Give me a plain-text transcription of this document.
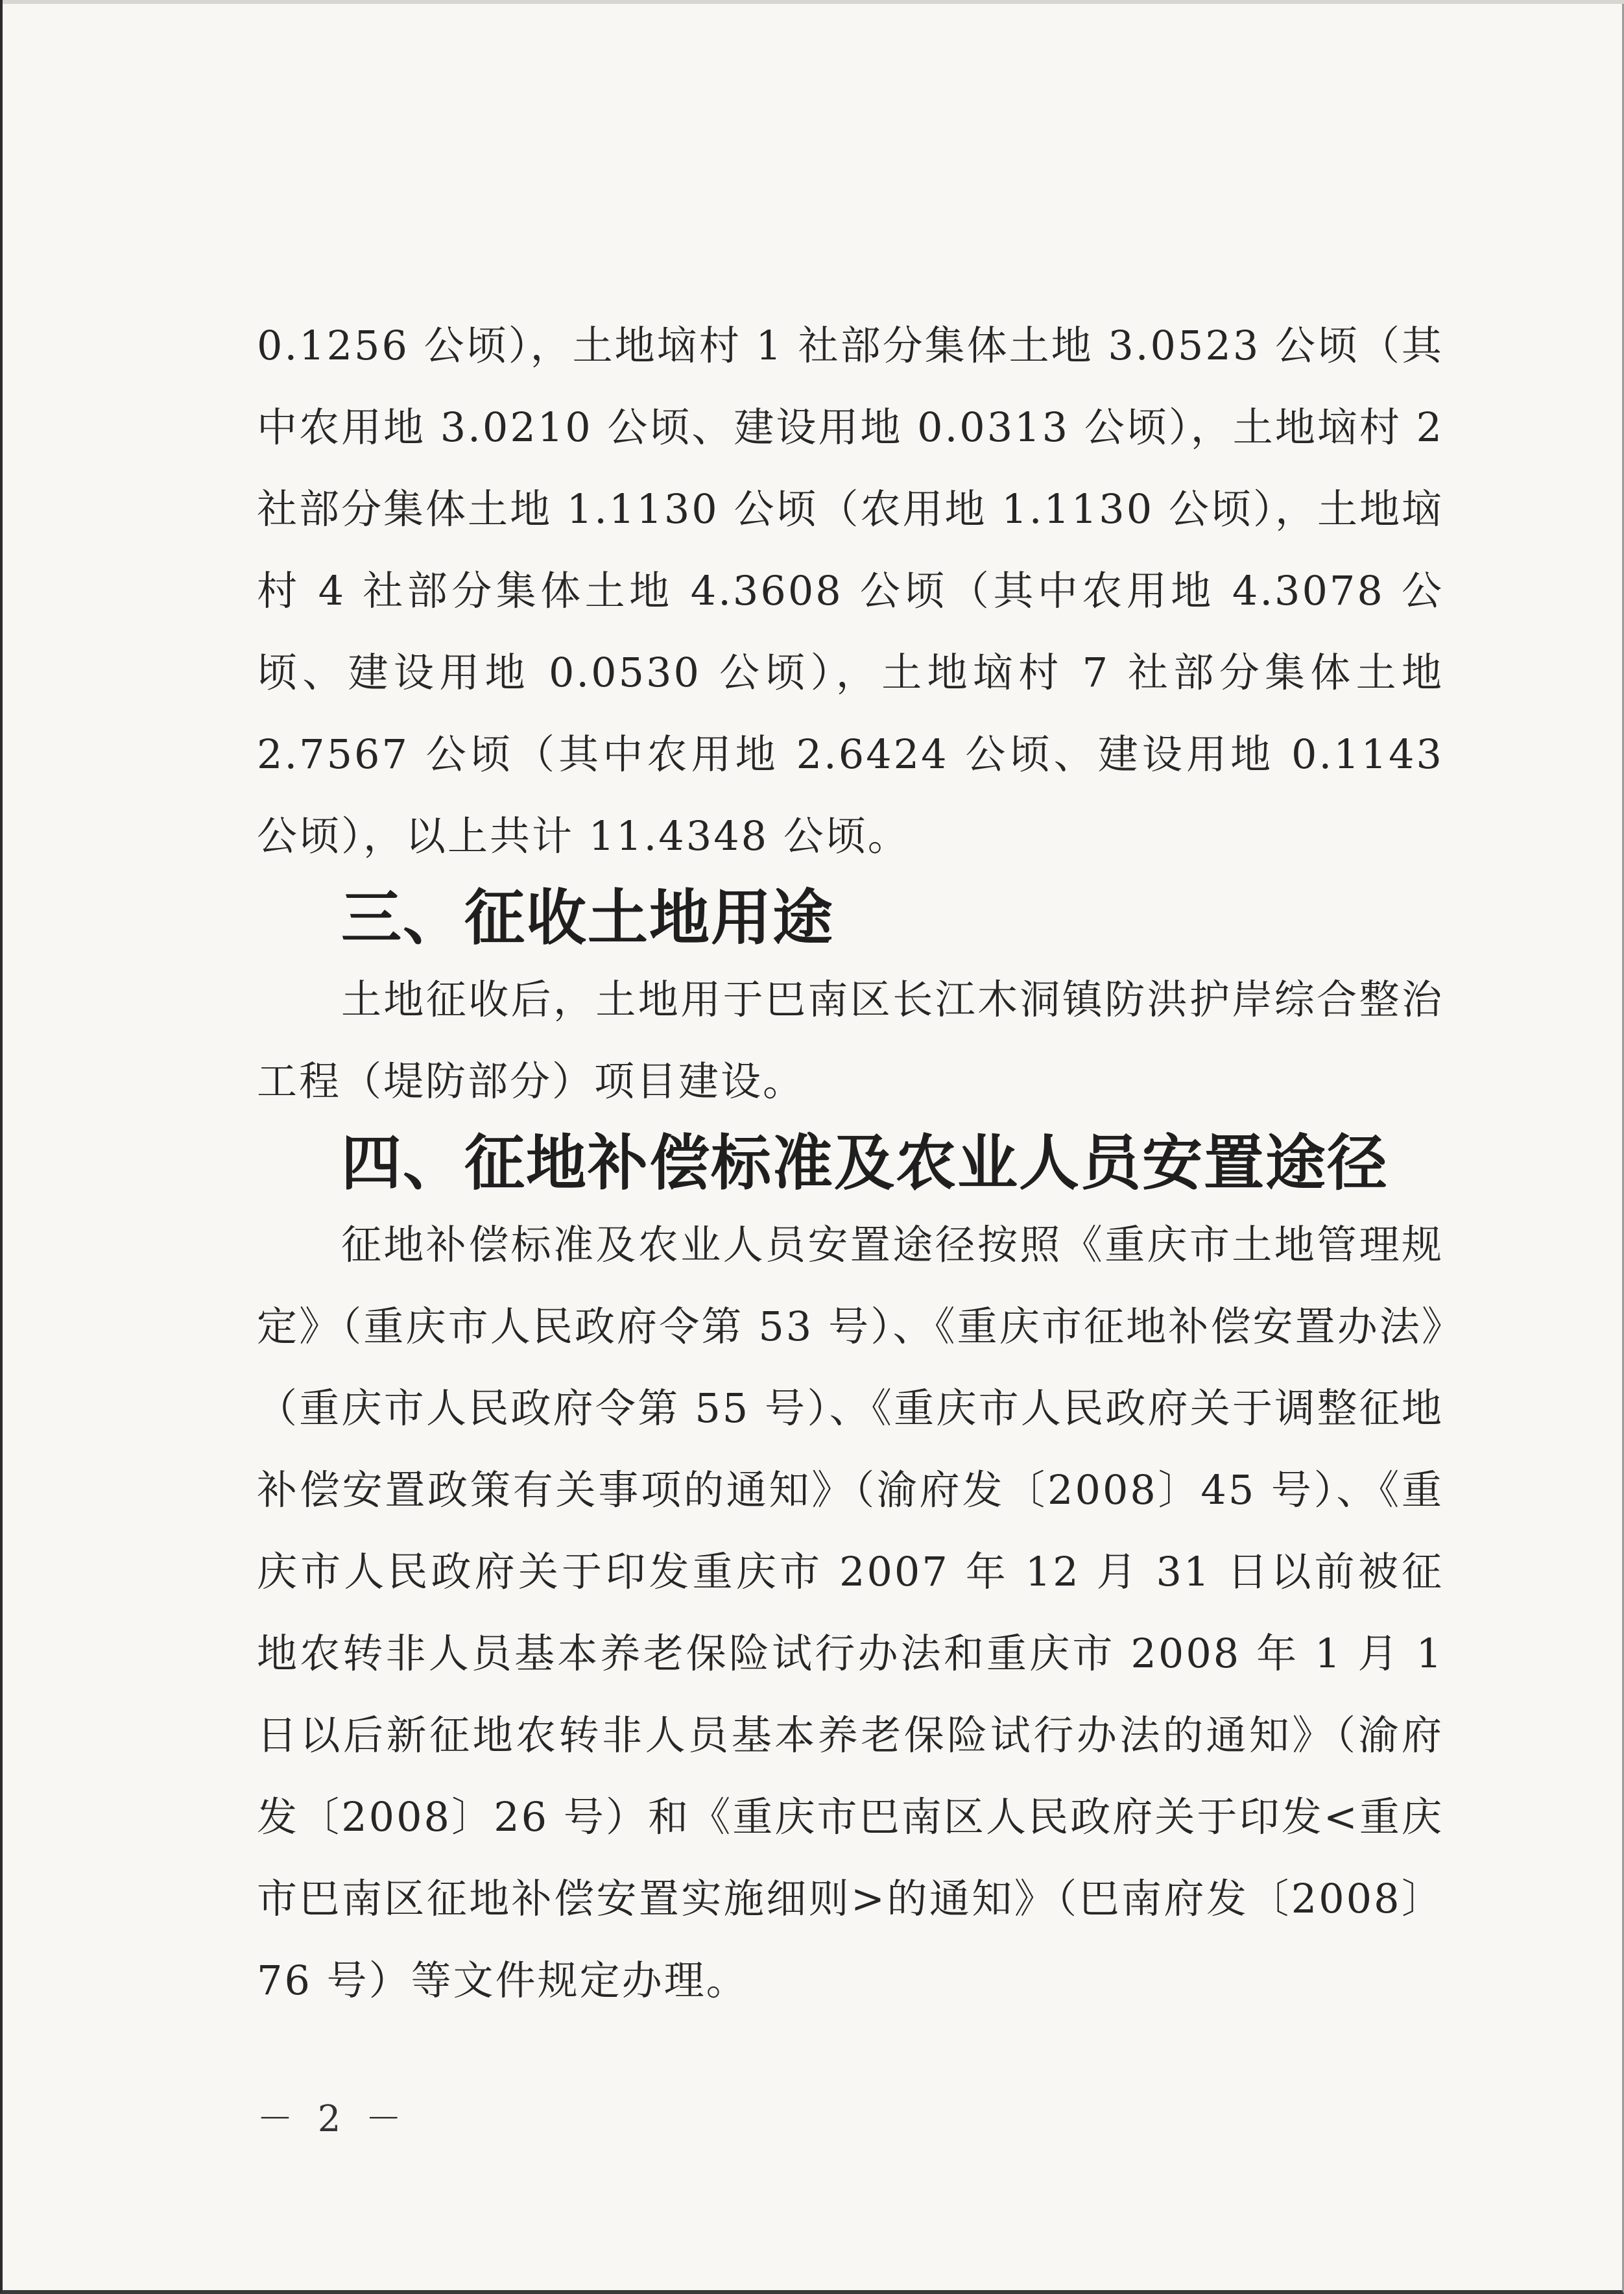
0.1256 公顷），土地垴村 1 社部分集体土地 3.0523 公顷（其中农用地 3.0210 公顷、建设用地 0.0313 公顷），土地垴村 2 社部分集体土地 1.1130 公顷（农用地 1.1130 公顷），土地垴村 4 社部分集体土地 4.3608 公顷（其中农用地 4.3078 公顷、建设用地 0.0530 公顷），土地垴村 7 社部分集体土地 2.7567 公顷（其中农用地 2.6424 公顷、建设用地 0.1143 公顷），以上共计 11.4348 公顷。

三、征收土地用途

土地征收后，土地用于巴南区长江木洞镇防洪护岸综合整治工程（堤防部分）项目建设。

四、征地补偿标准及农业人员安置途径

征地补偿标准及农业人员安置途径按照《重庆市土地管理规定》（重庆市人民政府令第 53 号）、《重庆市征地补偿安置办法》（重庆市人民政府令第 55 号）、《重庆市人民政府关于调整征地补偿安置政策有关事项的通知》（渝府发〔2008〕45 号）、《重庆市人民政府关于印发重庆市 2007 年 12 月 31 日以前被征地农转非人员基本养老保险试行办法和重庆市 2008 年 1 月 1 日以后新征地农转非人员基本养老保险试行办法的通知》（渝府发〔2008〕26 号）和《重庆市巴南区人民政府关于印发<重庆市巴南区征地补偿安置实施细则>的通知》（巴南府发〔2008〕76 号）等文件规定办理。

－ 2 －
